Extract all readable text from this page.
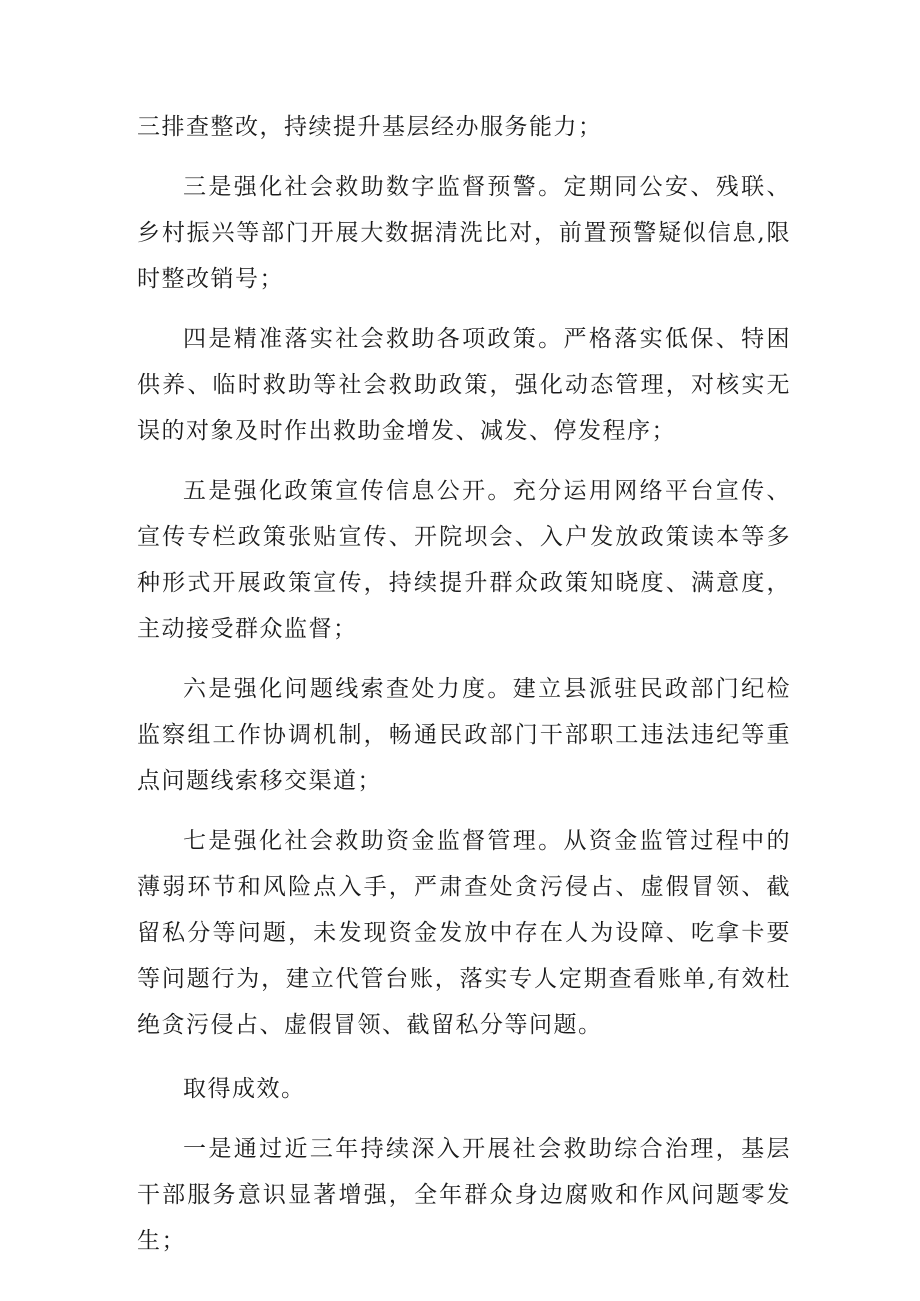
三排查整改，持续提升基层经办服务能力；

三是强化社会救助数字监督预警。定期同公安、残联、乡村振兴等部门开展大数据清洗比对，前置预警疑似信息,限时整改销号；

四是精准落实社会救助各项政策。严格落实低保、特困供养、临时救助等社会救助政策，强化动态管理，对核实无误的对象及时作出救助金增发、减发、停发程序；

五是强化政策宣传信息公开。充分运用网络平台宣传、宣传专栏政策张贴宣传、开院坝会、入户发放政策读本等多种形式开展政策宣传，持续提升群众政策知晓度、满意度，主动接受群众监督；

六是强化问题线索查处力度。建立县派驻民政部门纪检监察组工作协调机制，畅通民政部门干部职工违法违纪等重点问题线索移交渠道；

七是强化社会救助资金监督管理。从资金监管过程中的薄弱环节和风险点入手，严肃查处贪污侵占、虚假冒领、截留私分等问题，未发现资金发放中存在人为设障、吃拿卡要等问题行为，建立代管台账，落实专人定期查看账单,有效杜绝贪污侵占、虚假冒领、截留私分等问题。

取得成效。

一是通过近三年持续深入开展社会救助综合治理，基层干部服务意识显著增强，全年群众身边腐败和作风问题零发生；
